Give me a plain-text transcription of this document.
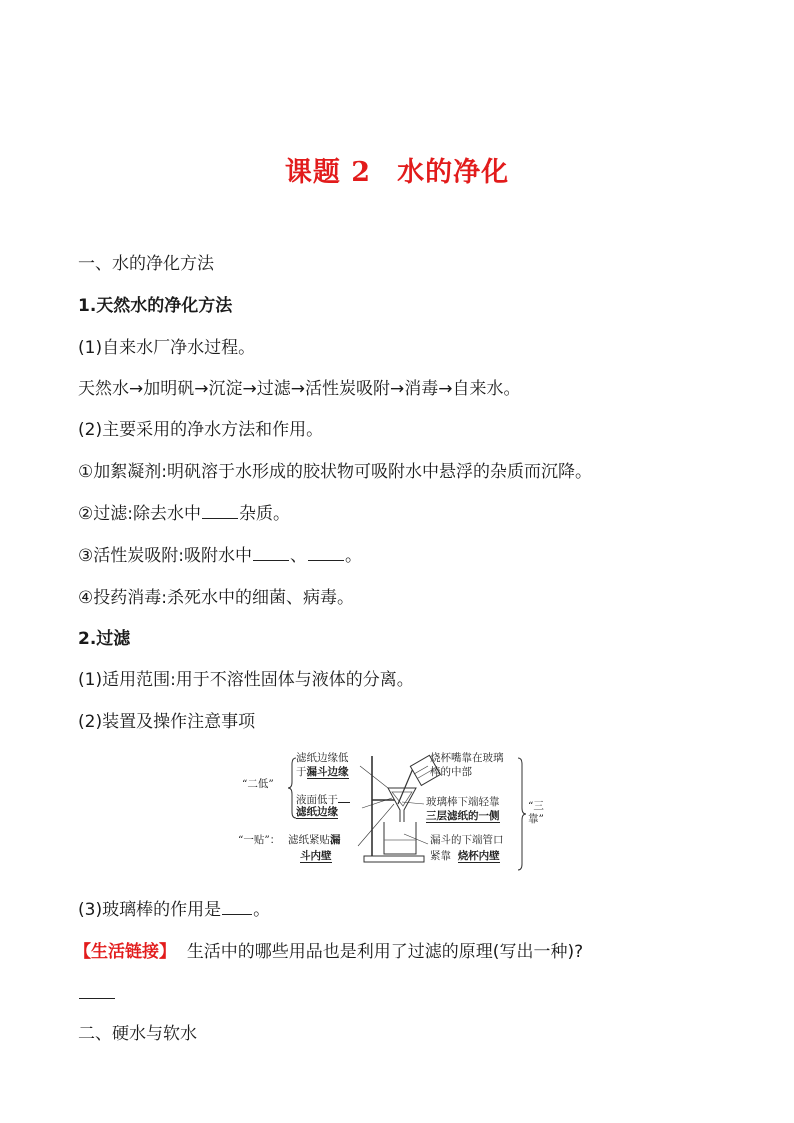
课题 2 水的净化
一、水的净化方法
1.天然水的净化方法
(1)自来水厂净水过程。
天然水→加明矾→沉淀→过滤→活性炭吸附→消毒→自来水。
(2)主要采用的净水方法和作用。
①加絮凝剂:明矾溶于水形成的胶状物可吸附水中悬浮的杂质而沉降。
②过滤:除去水中 杂质。
③活性炭吸附:吸附水中 、 。
④投药消毒:杀死水中的细菌、病毒。
2.过滤
(1)适用范围:用于不溶性固体与液体的分离。
(2)装置及操作注意事项
“二低”
“一贴”：
“三
靠”
滤纸边缘低
于漏斗边缘
液面低于
滤纸边缘
滤纸紧贴漏
斗内壁
烧杯嘴靠在玻璃
棒的中部
玻璃棒下端轻靠
三层滤纸的一侧
漏斗的下端管口
紧靠 烧杯内壁
(3)玻璃棒的作用是 。
【生活链接】 生活中的哪些用品也是利用了过滤的原理(写出一种)?
二、硬水与软水
